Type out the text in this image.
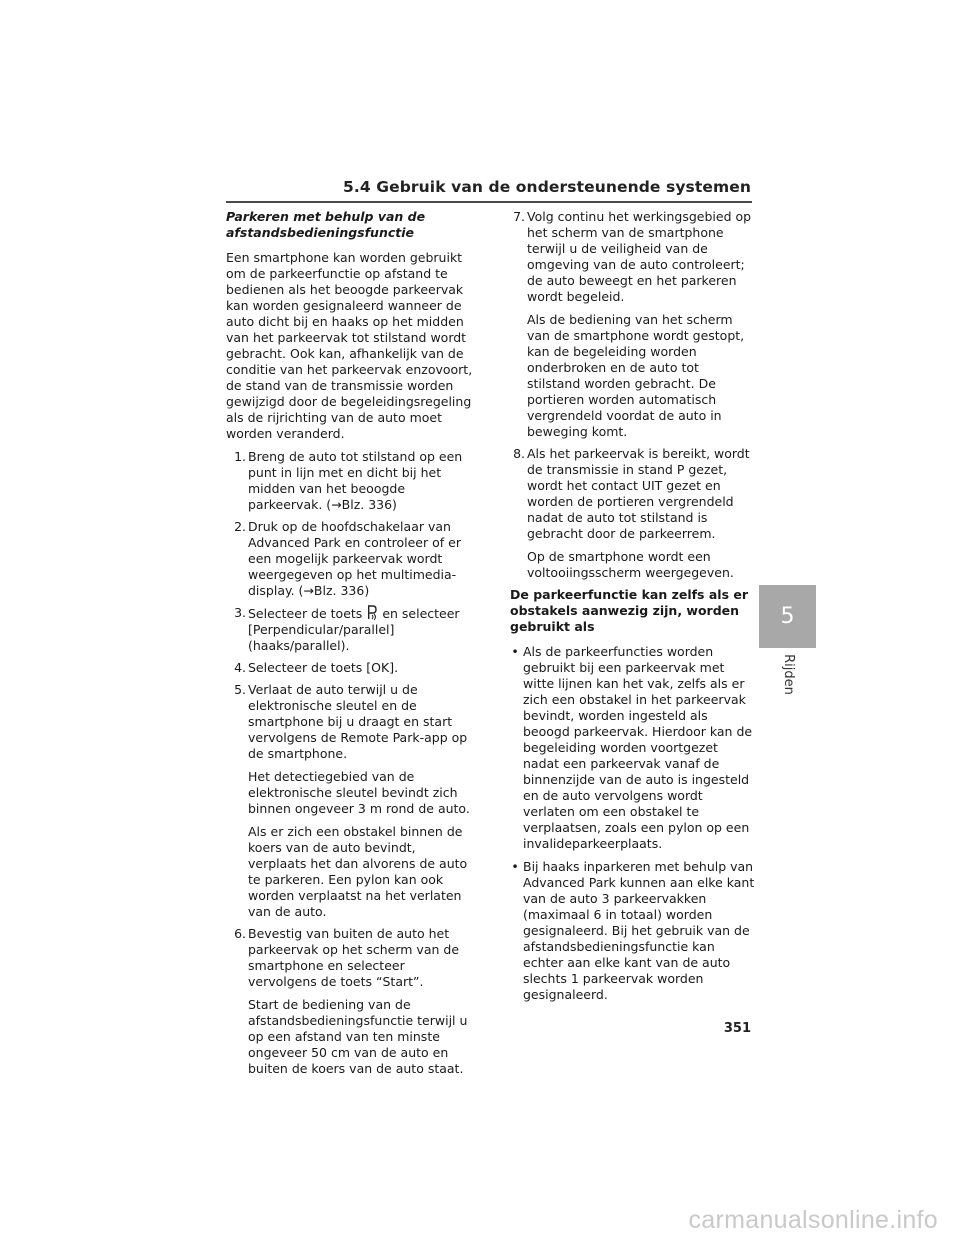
5.4 Gebruik van de ondersteunende systemen
5
Rijden

Parkeren met behulp van de afstandsbedieningsfunctie

Een smartphone kan worden gebruikt om de parkeerfunctie op afstand te bedienen als het beoogde parkeervak kan worden gesignaleerd wanneer de auto dicht bij en haaks op het midden van het parkeervak tot stilstand wordt gebracht. Ook kan, afhankelijk van de conditie van het parkeervak enzovoort, de stand van de transmissie worden gewijzigd door de begeleidingsregeling als de rijrichting van de auto moet worden veranderd.

1. Breng de auto tot stilstand op een punt in lijn met en dicht bij het midden van het beoogde parkeervak. (→Blz. 336)

2. Druk op de hoofdschakelaar van Advanced Park en controleer of er een mogelijk parkeervak wordt weergegeven op het multimedia-display. (→Blz. 336)

3. Selecteer de toets en selecteer [Perpendicular/parallel] (haaks/parallel).

4. Selecteer de toets [OK].

5. Verlaat de auto terwijl u de elektronische sleutel en de smartphone bij u draagt en start vervolgens de Remote Park-app op de smartphone.

Het detectiegebied van de elektronische sleutel bevindt zich binnen ongeveer 3 m rond de auto.

Als er zich een obstakel binnen de koers van de auto bevindt, verplaats het dan alvorens de auto te parkeren. Een pylon kan ook worden verplaatst na het verlaten van de auto.

6. Bevestig van buiten de auto het parkeervak op het scherm van de smartphone en selecteer vervolgens de toets “Start”.

Start de bediening van de afstandsbedieningsfunctie terwijl u op een afstand van ten minste ongeveer 50 cm van de auto en buiten de koers van de auto staat.

7. Volg continu het werkingsgebied op het scherm van de smartphone terwijl u de veiligheid van de omgeving van de auto controleert; de auto beweegt en het parkeren wordt begeleid.

Als de bediening van het scherm van de smartphone wordt gestopt, kan de begeleiding worden onderbroken en de auto tot stilstand worden gebracht. De portieren worden automatisch vergrendeld voordat de auto in beweging komt.

8. Als het parkeervak is bereikt, wordt de transmissie in stand P gezet, wordt het contact UIT gezet en worden de portieren vergrendeld nadat de auto tot stilstand is gebracht door de parkeerrem.

Op de smartphone wordt een voltooiingsscherm weergegeven.

De parkeerfunctie kan zelfs als er obstakels aanwezig zijn, worden gebruikt als

• Als de parkeerfuncties worden gebruikt bij een parkeervak met witte lijnen kan het vak, zelfs als er zich een obstakel in het parkeervak bevindt, worden ingesteld als beoogd parkeervak. Hierdoor kan de begeleiding worden voortgezet nadat een parkeervak vanaf de binnenzijde van de auto is ingesteld en de auto vervolgens wordt verlaten om een obstakel te verplaatsen, zoals een pylon op een invalideparkeerplaats.
• Bij haaks inparkeren met behulp van Advanced Park kunnen aan elke kant van de auto 3 parkeervakken (maximaal 6 in totaal) worden gesignaleerd. Bij het gebruik van de afstandsbedieningsfunctie kan echter aan elke kant van de auto slechts 1 parkeervak worden gesignaleerd.
351
carmanualsonline.info
